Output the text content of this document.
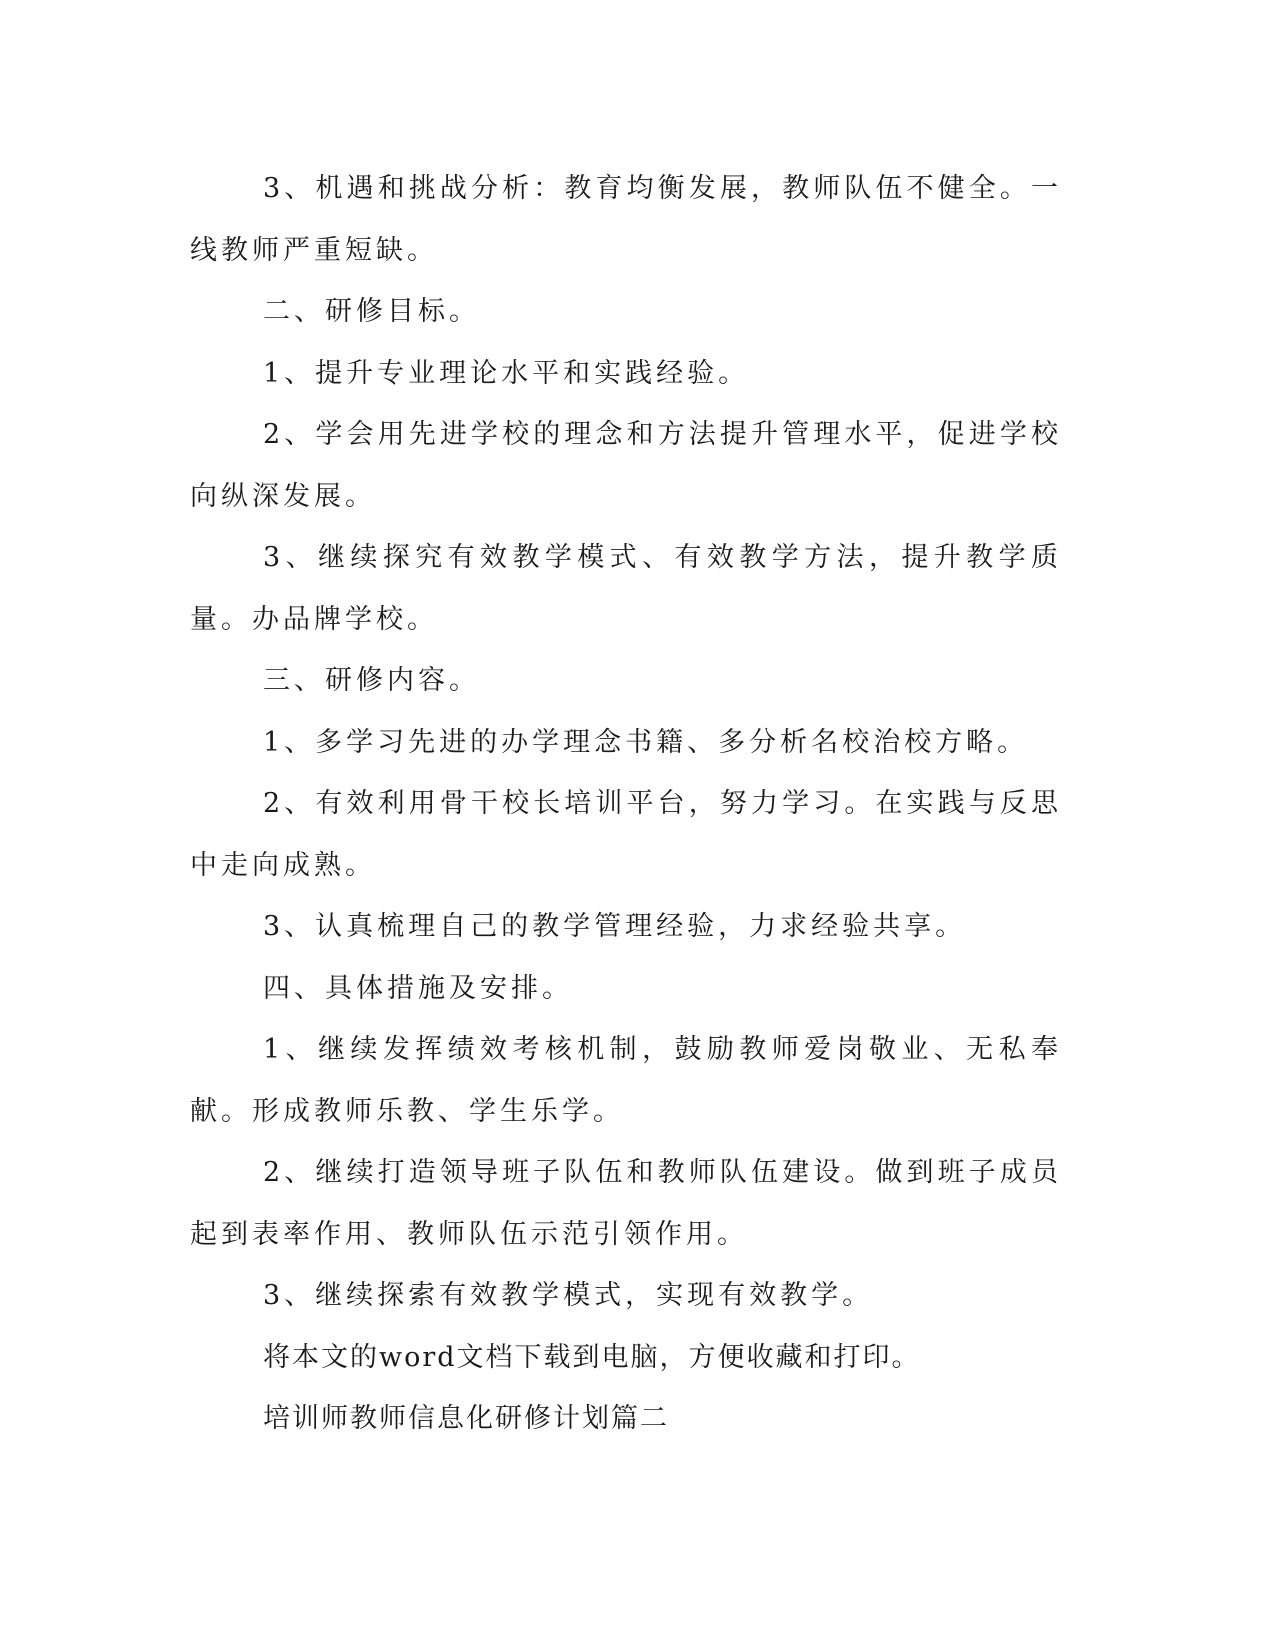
3、机遇和挑战分析：教育均衡发展，教师队伍不健全。一线教师严重短缺。

二、研修目标。

1、提升专业理论水平和实践经验。

2、学会用先进学校的理念和方法提升管理水平，促进学校向纵深发展。

3、继续探究有效教学模式、有效教学方法，提升教学质量。办品牌学校。

三、研修内容。

1、多学习先进的办学理念书籍、多分析名校治校方略。

2、有效利用骨干校长培训平台，努力学习。在实践与反思中走向成熟。

3、认真梳理自己的教学管理经验，力求经验共享。

四、具体措施及安排。

1、继续发挥绩效考核机制，鼓励教师爱岗敬业、无私奉献。形成教师乐教、学生乐学。

2、继续打造领导班子队伍和教师队伍建设。做到班子成员起到表率作用、教师队伍示范引领作用。

3、继续探索有效教学模式，实现有效教学。

将本文的word文档下载到电脑，方便收藏和打印。

培训师教师信息化研修计划篇二
